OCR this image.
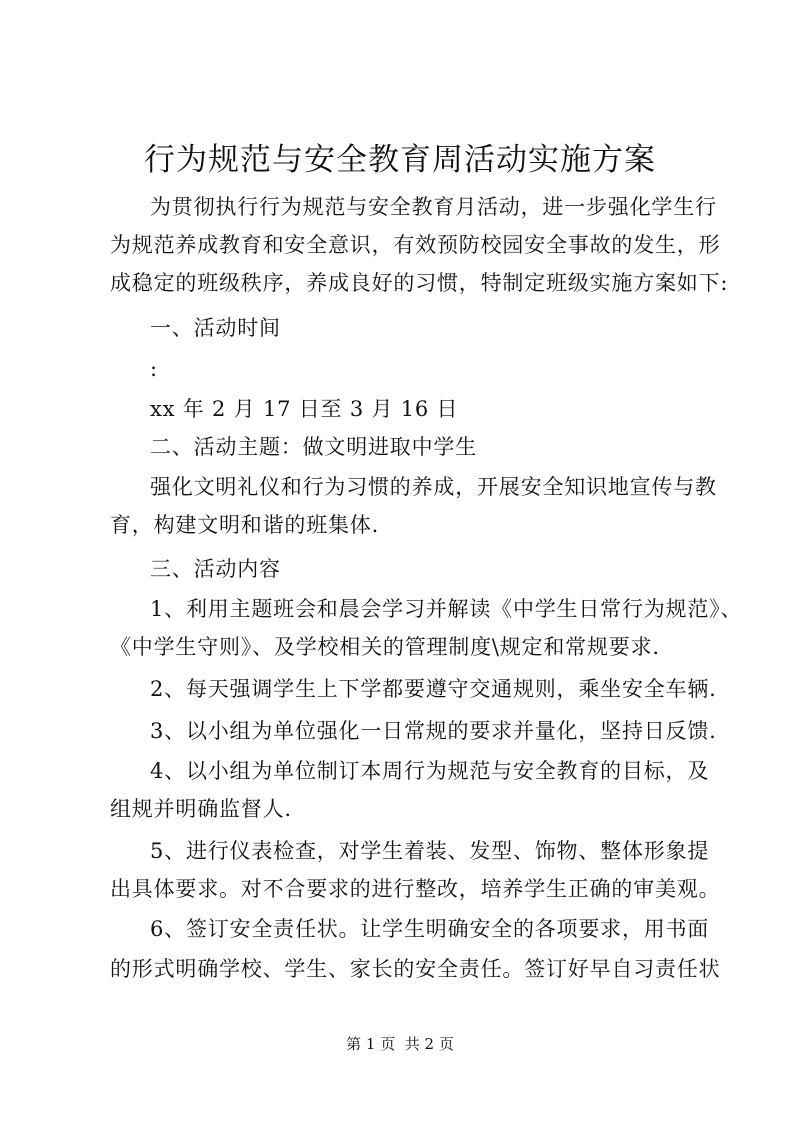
行为规范与安全教育周活动实施方案
为贯彻执行行为规范与安全教育月活动，进一步强化学生行
为规范养成教育和安全意识，有效预防校园安全事故的发生，形
成稳定的班级秩序，养成良好的习惯，特制定班级实施方案如下:
一、活动时间
:
xx 年 2 月 17 日至 3 月 16 日
二、活动主题：做文明进取中学生
强化文明礼仪和行为习惯的养成，开展安全知识地宣传与教
育，构建文明和谐的班集体.
三、活动内容
1、利用主题班会和晨会学习并解读《中学生日常行为规范》、
《中学生守则》、及学校相关的管理制度\规定和常规要求.
2、每天强调学生上下学都要遵守交通规则，乘坐安全车辆.
3、以小组为单位强化一日常规的要求并量化，坚持日反馈.
4、以小组为单位制订本周行为规范与安全教育的目标，及
组规并明确监督人.
5、进行仪表检查，对学生着装、发型、饰物、整体形象提
出具体要求。对不合要求的进行整改，培养学生正确的审美观。
6、签订安全责任状。让学生明确安全的各项要求，用书面
的形式明确学校、学生、家长的安全责任。签订好早自习责任状
第 1 页  共 2 页
